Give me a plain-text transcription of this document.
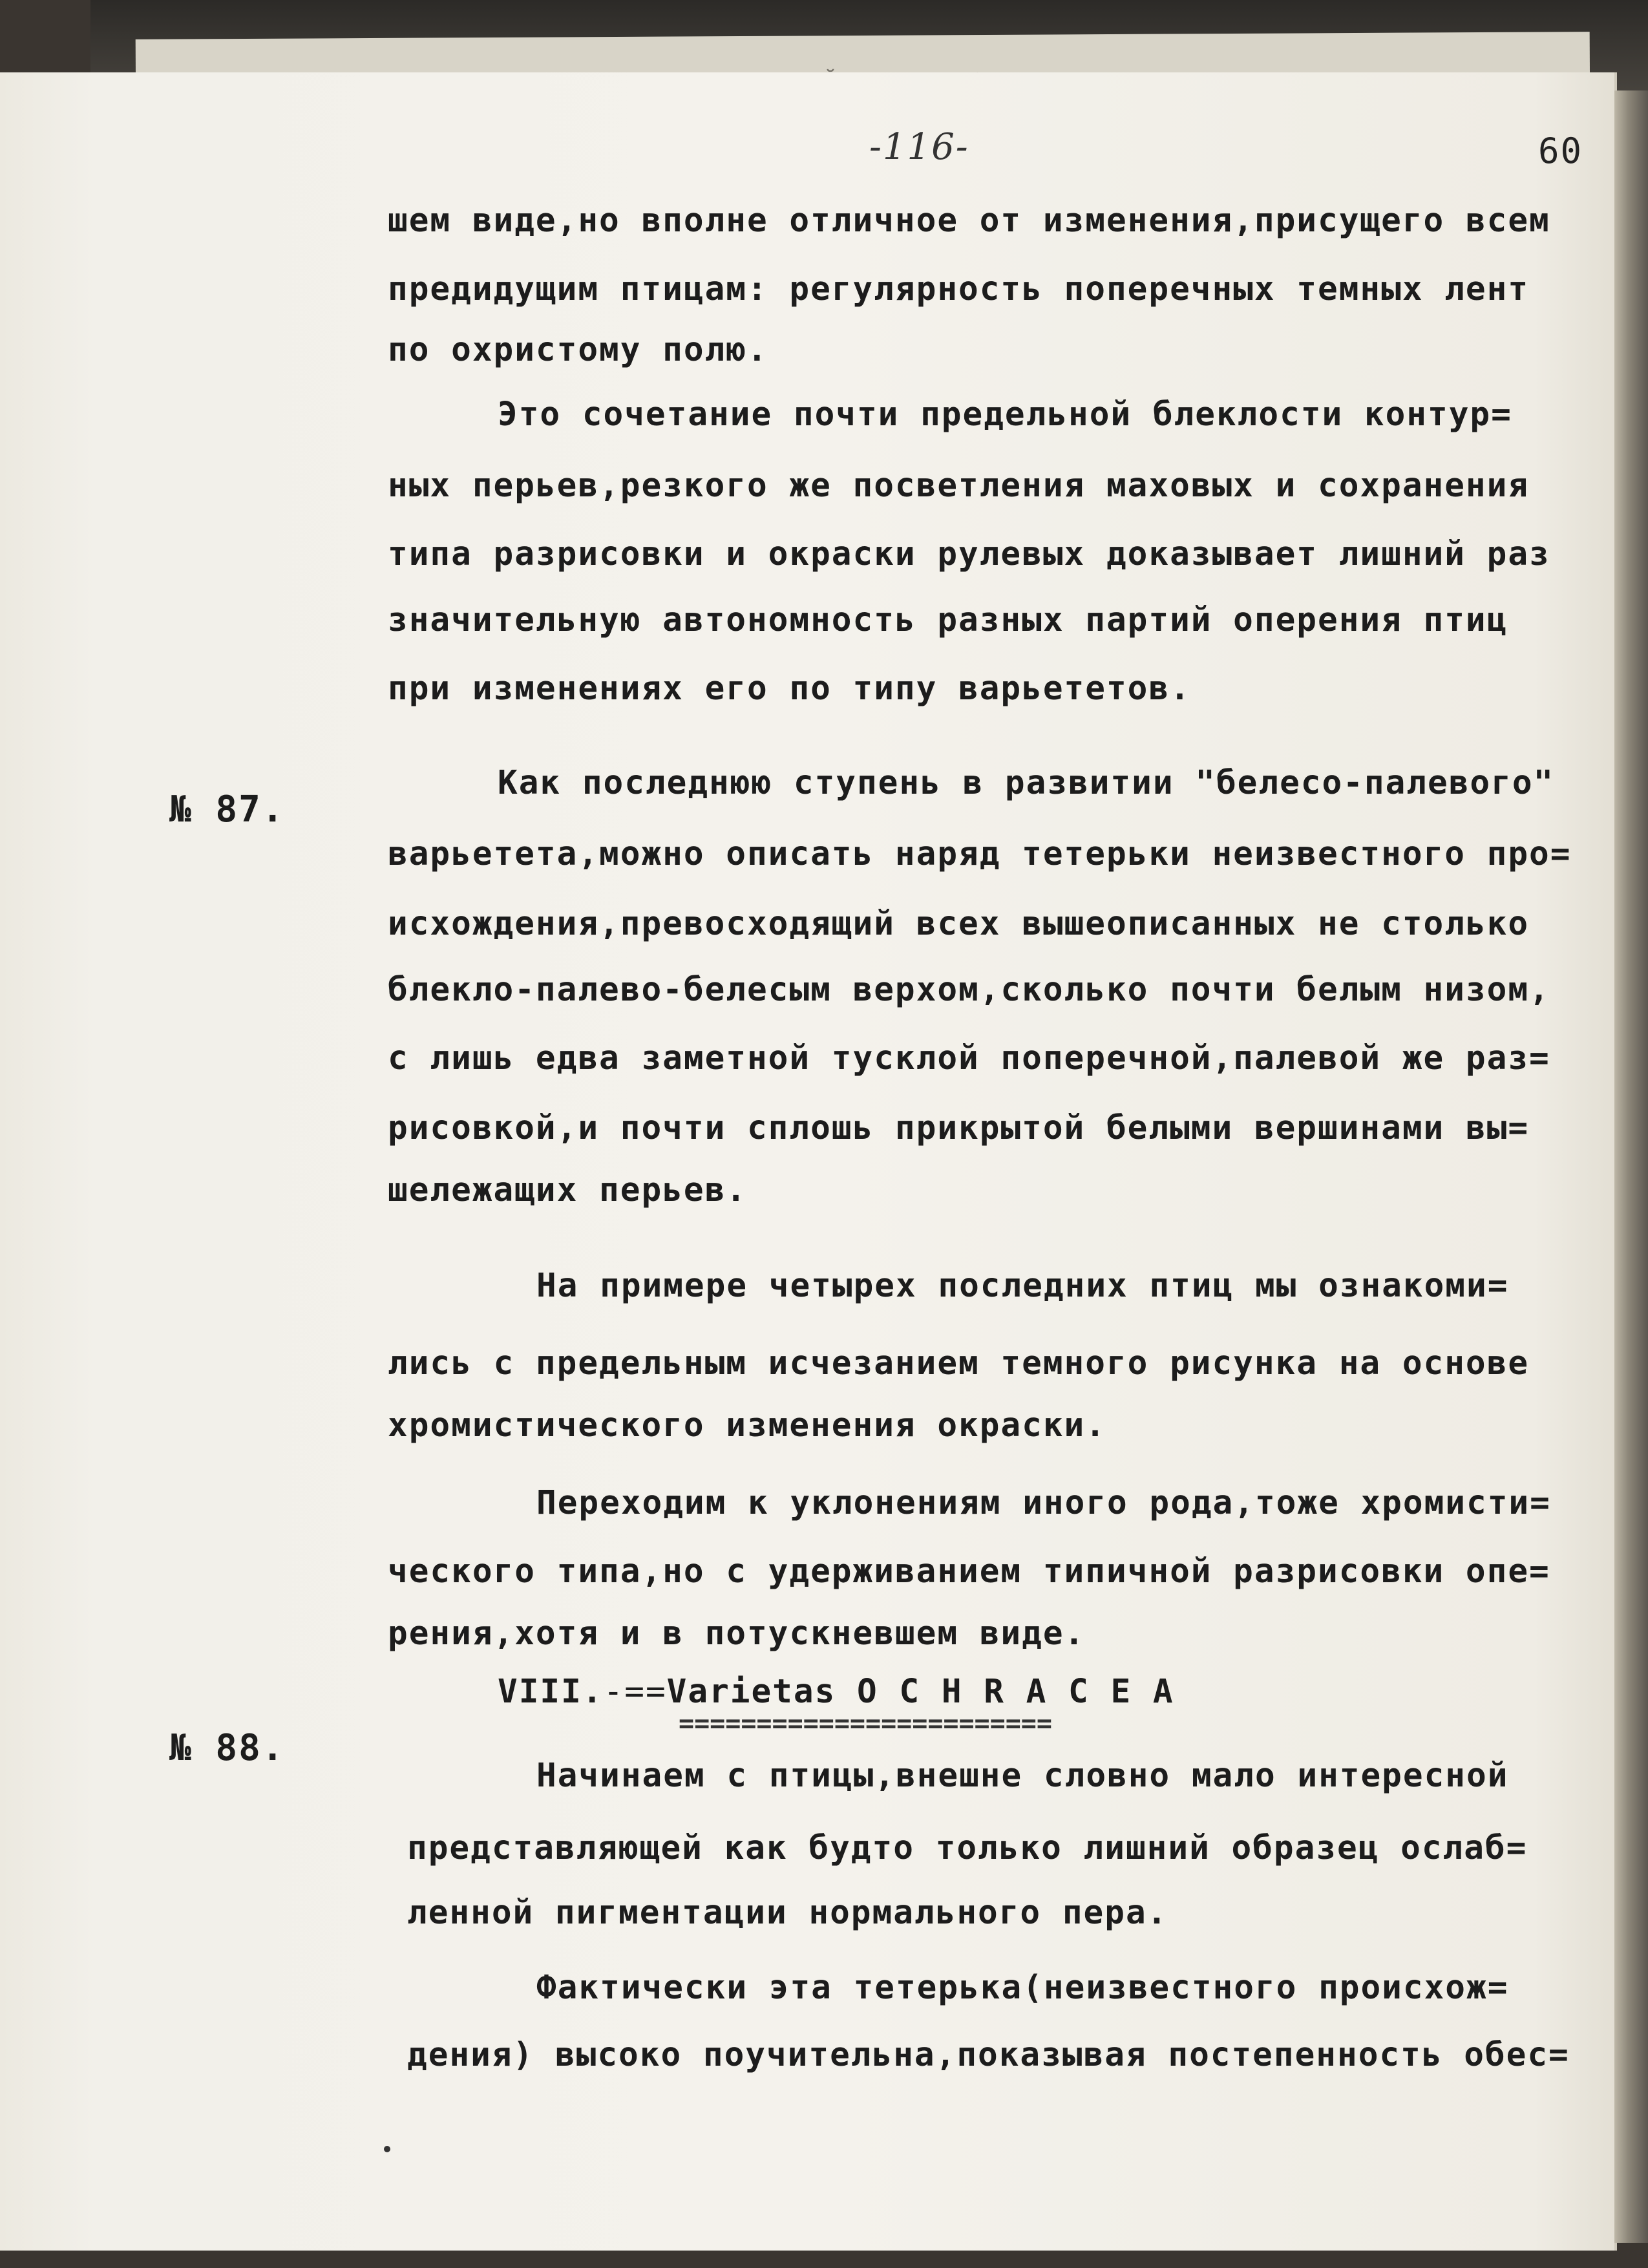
-116-	60
№ 87.
№ 88.
шем виде,но вполне отличное от изменения,присущего всем
предидущим птицам: регулярность поперечных темных лент
по охристому полю.
Это сочетание почти предельной блеклости контур=
ных перьев,резкого же посветления маховых и сохранения
типа разрисовки и окраски рулевых доказывает лишний раз
значительную автономность разных партий оперения птиц
при изменениях его по типу варьететов.
Как последнюю ступень в развитии "белесо-палевого"
варьетета,можно описать наряд тетерьки неизвестного про=
исхождения,превосходящий всех вышеописанных не столько
блекло-палево-белесым верхом,сколько почти белым низом,
с лишь едва заметной тусклой поперечной,палевой же раз=
рисовкой,и почти сплошь прикрытой белыми вершинами вы=
шележащих перьев.
На примере четырех последних птиц мы ознакоми=
лись с предельным исчезанием темного рисунка на основе
хромистического изменения окраски.
Переходим к уклонениям иного рода,тоже хромисти=
ческого типа,но с удерживанием типичной разрисовки опе=
рения,хотя и в потускневшем виде.
VIII.-==Varietas O C H R A C E A
========================
Начинаем с птицы,внешне словно мало интересной
представляющей как будто только лишний образец ослаб=
ленной пигментации нормального пера.
Фактически эта тетерька(неизвестного происхож=
дения) высоко поучительна,показывая постепенность обес=
